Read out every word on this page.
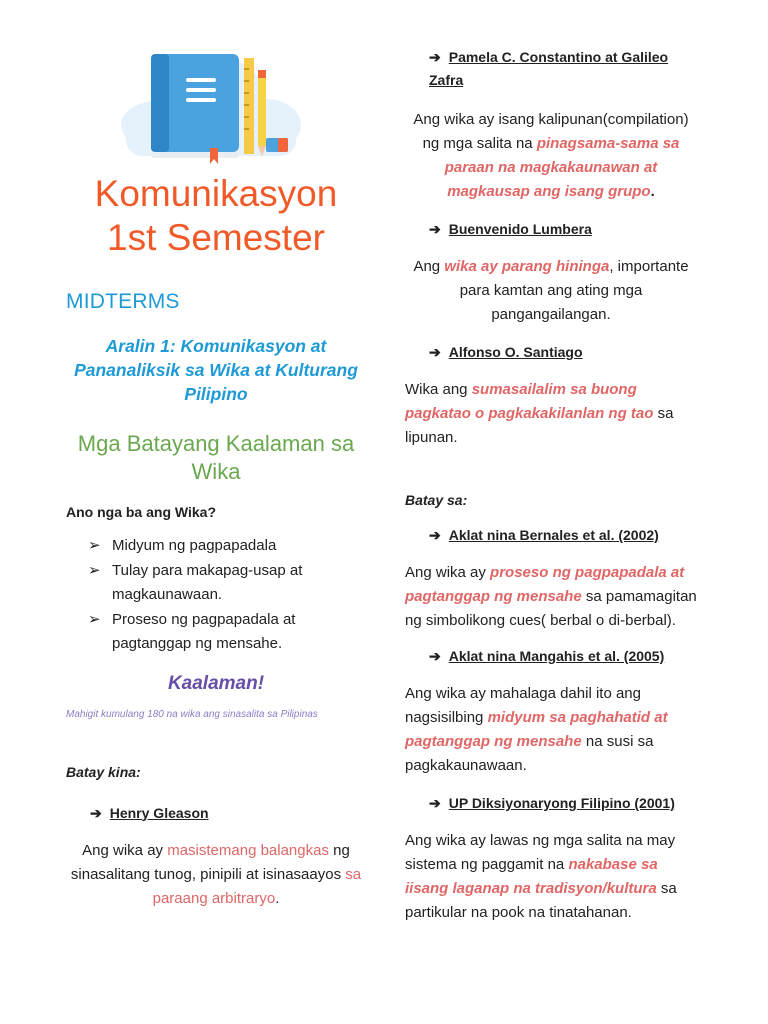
Komunikasyon
1st Semester
MIDTERMS
Aralin 1: Komunikasyon at Pananaliksik sa Wika at Kulturang Pilipino
Mga Batayang Kaalaman sa Wika
Ano nga ba ang Wika?
➢ Midyum ng pagpapadala
➢ Tulay para makapag-usap at magkaunawaan.
➢ Proseso ng pagpapadala at pagtanggap ng mensahe.
Kaalaman!
Mahigit kumulang 180 na wika ang sinasalita sa Pilipinas
Batay kina:
➔ Henry Gleason
Ang wika ay masistemang balangkas ng sinasalitang tunog, pinipili at isinasaayos sa paraang arbitraryo.
➔ Pamela C. Constantino at Galileo Zafra
Ang wika ay isang kalipunan(compilation) ng mga salita na pinagsama-sama sa paraan na magkakaunawan at magkausap ang isang grupo.
➔ Buenvenido Lumbera
Ang wika ay parang hininga, importante para kamtan ang ating mga pangangailangan.
➔ Alfonso O. Santiago
Wika ang sumasailalim sa buong pagkatao o pagkakakilanlan ng tao sa lipunan.
Batay sa:
➔ Aklat nina Bernales et al. (2002)
Ang wika ay proseso ng pagpapadala at pagtanggap ng mensahe sa pamamagitan ng simbolikong cues( berbal o di-berbal).
➔ Aklat nina Mangahis et al. (2005)
Ang wika ay mahalaga dahil ito ang nagsisilbing midyum sa paghahatid at pagtanggap ng mensahe na susi sa pagkakaunawaan.
➔ UP Diksiyonaryong Filipino (2001)
Ang wika ay lawas ng mga salita na may sistema ng paggamit na nakabase sa iisang laganap na tradisyon/kultura sa partikular na pook na tinatahanan.
